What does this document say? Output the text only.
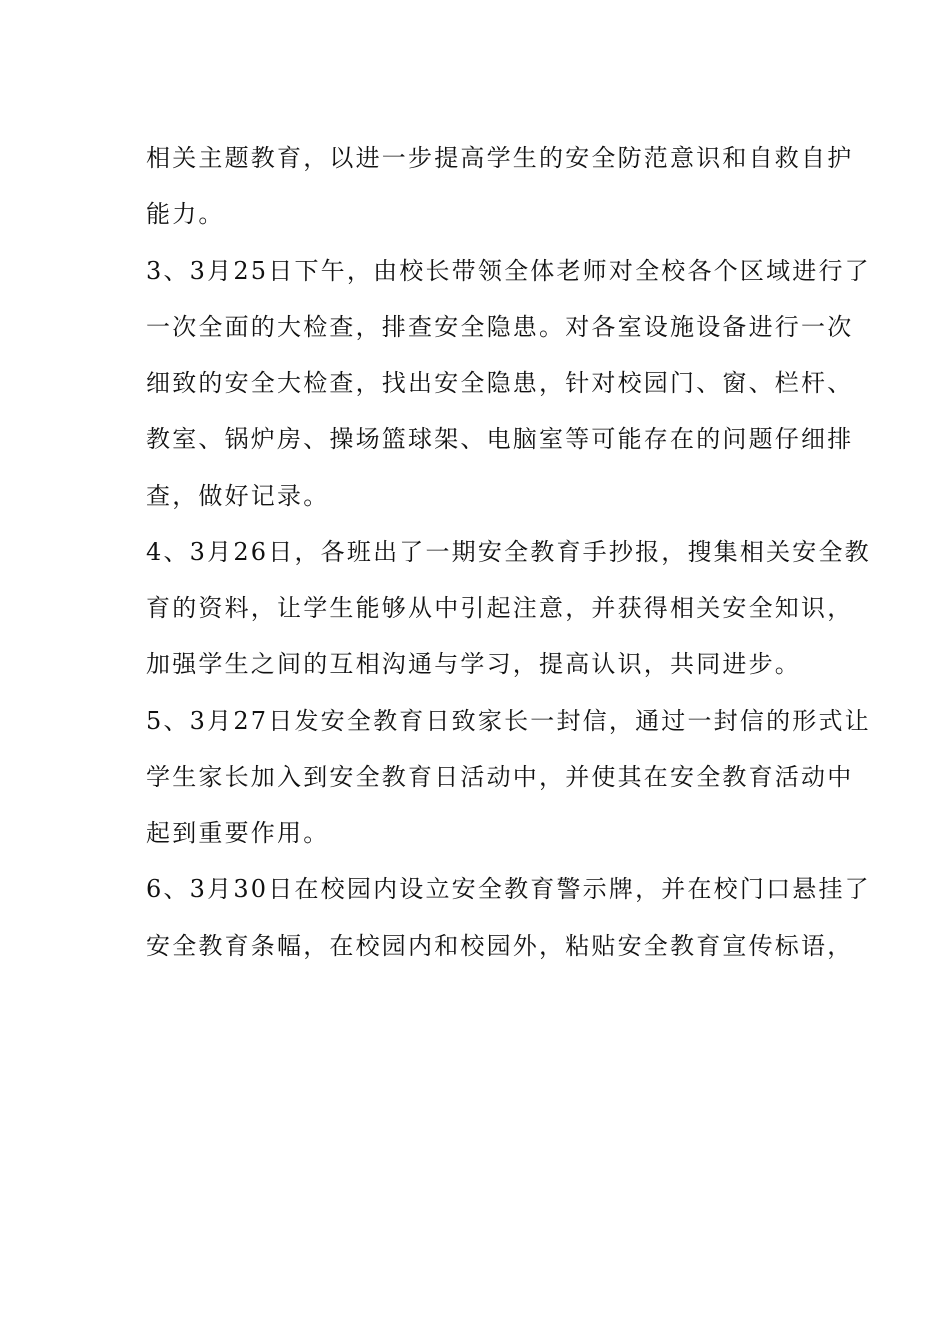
相关主题教育，以进一步提高学生的安全防范意识和自救自护
能力。
3、3月25日下午，由校长带领全体老师对全校各个区域进行了
一次全面的大检查，排查安全隐患。对各室设施设备进行一次
细致的安全大检查，找出安全隐患，针对校园门、窗、栏杆、
教室、锅炉房、操场篮球架、电脑室等可能存在的问题仔细排
查，做好记录。
4、3月26日，各班出了一期安全教育手抄报，搜集相关安全教
育的资料，让学生能够从中引起注意，并获得相关安全知识，
加强学生之间的互相沟通与学习，提高认识，共同进步。
5、3月27日发安全教育日致家长一封信，通过一封信的形式让
学生家长加入到安全教育日活动中，并使其在安全教育活动中
起到重要作用。
6、3月30日在校园内设立安全教育警示牌，并在校门口悬挂了
安全教育条幅，在校园内和校园外，粘贴安全教育宣传标语，
